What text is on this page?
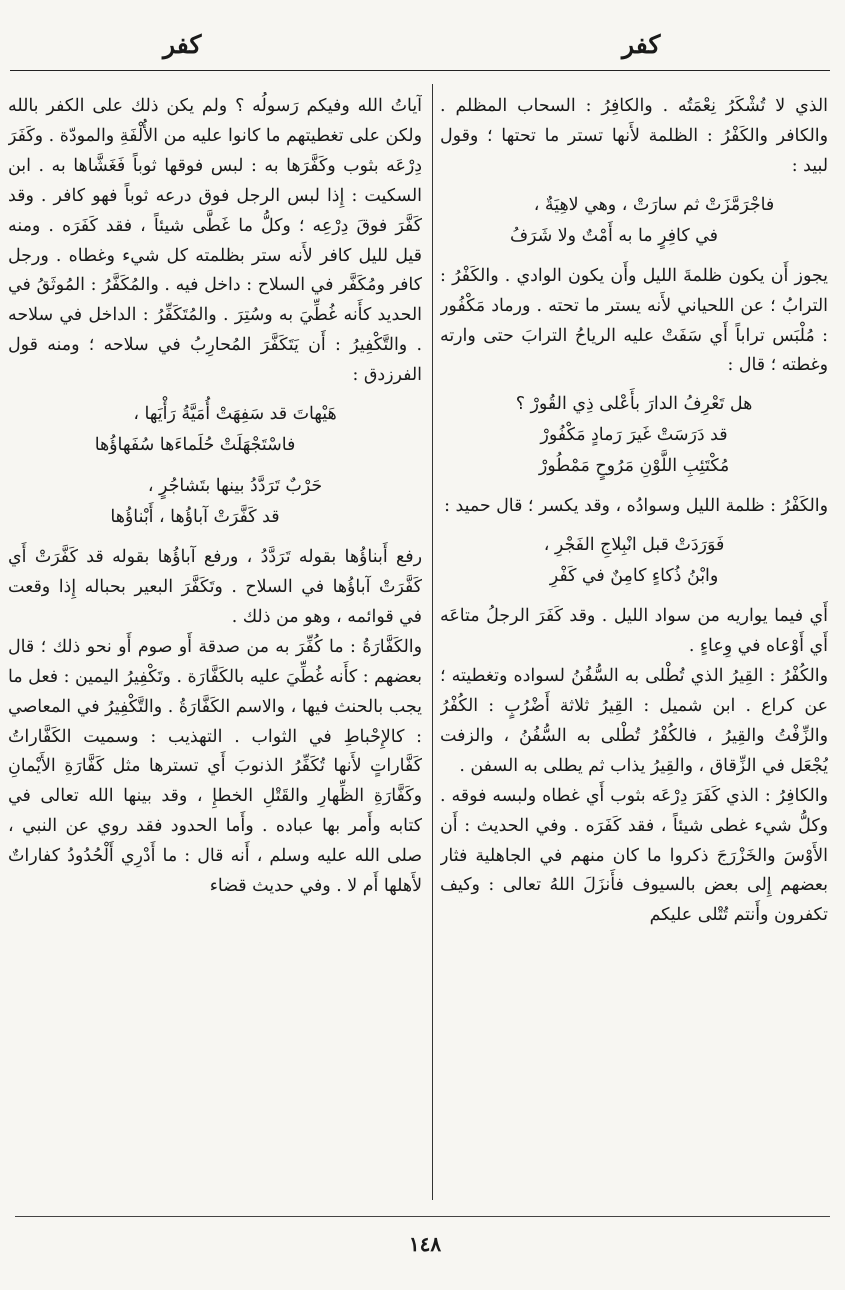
كفر
كفر

الذي لا تُشْكَرُ نِعْمَتُه . والكافِرُ : السحاب المظلم . والكافر والكَفْرُ : الظلمة لأَنها تستر ما تحتها ؛ وقول لبيد :

فاجْرَمَّزَتْ ثم سارَتْ ، وهي لاهِيَةٌ ،
في كافِرٍ ما به أَمْتٌ ولا شَرَفُ

يجوز أَن يكون ظلمةَ الليل وأَن يكون الوادي . والكَفْرُ : الترابُ ؛ عن اللحياني لأَنه يستر ما تحته . ورماد مَكْفُور : مُلْبَس تراباً أَي سَفَتْ عليه الرياحُ الترابَ حتى وارته وغطته ؛ قال :

هل تَعْرِفُ الدارَ بأَعْلى ذِي القُورْ ؟
قد دَرَسَتْ غَيرَ رَمادٍ مَكْفُورْ
مُكْتَئِبِ اللَّوْنِ مَرُوحٍ مَمْطُورْ

والكَفْرُ : ظلمة الليل وسوادُه ، وقد يكسر ؛ قال حميد :

فَوَرَدَتْ قبل انْبِلاجِ الفَجْرِ ،
وابْنُ ذُكاءٍ كامِنٌ في كَفْرِ

أَي فيما يواريه من سواد الليل . وقد كَفَرَ الرجلُ متاعَه أَي أَوْعاه في وِعاءٍ .

والكُفْرُ : القِيرُ الذي تُطْلى به السُّفُنُ لسواده وتغطيته ؛ عن كراع . ابن شميل : القِيرُ ثلاثة أَضْرُبٍ : الكُفْرُ والزِّفْتُ والقِيرُ ، فالكُفْرُ تُطْلى به السُّفُنُ ، والزفت يُجْعَل في الزِّقاق ، والقِيرُ يذاب ثم يطلى به السفن .

والكافِرُ : الذي كَفَرَ دِرْعَه بثوب أَي غطاه ولبسه فوقه . وكلُّ شيء غطى شيئاً ، فقد كَفَرَه . وفي الحديث : أَن الأَوْسَ والخَزْرَجَ ذكروا ما كان منهم في الجاهلية فثار بعضهم إِلى بعض بالسيوف فأَنزَلَ اللهُ تعالى : وكيف تكفرون وأَنتم تُتْلى عليكم

آياتُ الله وفيكم رَسولُه ؟ ولم يكن ذلك على الكفر بالله ولكن على تغطيتهم ما كانوا عليه من الأُلْفَةِ والمودّة . وكَفَرَ دِرْعَه بثوب وكَفَّرَها به : لبس فوقها ثوباً فَغَشَّاها به . ابن السكيت : إِذا لبس الرجل فوق درعه ثوباً فهو كافر . وقد كَفَّرَ فوقَ دِرْعِه ؛ وكلُّ ما غَطَّى شيئاً ، فقد كَفَرَه . ومنه قيل لليل كافر لأَنه ستر بظلمته كل شيء وغطاه . ورجل كافر ومُكَفَّر في السلاح : داخل فيه . والمُكَفَّرُ : المُوثَقُ في الحديد كأَنه غُطِّيَ به وسُتِرَ . والمُتَكَفِّرُ : الداخل في سلاحه . والتَّكْفِيرُ : أَن يَتَكَفَّرَ المُحارِبُ في سلاحه ؛ ومنه قول الفرزدق :

هَيْهاتَ قد سَفِهَتْ أُمَيَّةُ رَأْيَها ،
فاسْتَجْهَلَتْ حُلَماءَها سُفَهاؤُها
حَرْبٌ تَرَدَّدُ بينها بتَشاجُرٍ ،
قد كَفَّرَتْ آباؤُها ، أَبْناؤُها

رفع أَبناؤُها بقوله تَرَدَّدُ ، ورفع آباؤُها بقوله قد كَفَّرَتْ أَي كَفَّرَتْ آباؤُها في السلاح . وتَكَفَّرَ البعير بحباله إِذا وقعت في قوائمه ، وهو من ذلك .

والكَفَّارَةُ : ما كُفِّرَ به من صدقة أَو صوم أَو نحو ذلك ؛ قال بعضهم : كأَنه غُطِّيَ عليه بالكَفَّارَة . وتَكْفِيرُ اليمين : فعل ما يجب بالحنث فيها ، والاسم الكَفَّارَةُ . والتَّكْفِيرُ في المعاصي : كالإِحْباطِ في الثواب . التهذيب : وسميت الكَفَّاراتُ كَفَّاراتٍ لأَنها تُكَفِّرُ الذنوبَ أَي تسترها مثل كَفَّارَةِ الأَيْمانِ وكَفَّارَةِ الظِّهارِ والقَتْلِ الخطإِ ، وقد بينها الله تعالى في كتابه وأَمر بها عباده . وأَما الحدود فقد روي عن النبي ، صلى الله عليه وسلم ، أَنه قال : ما أَدْرِي أَلْحُدُودُ كفاراتٌ لأَهلها أَم لا . وفي حديث قضاء

١٤٨
